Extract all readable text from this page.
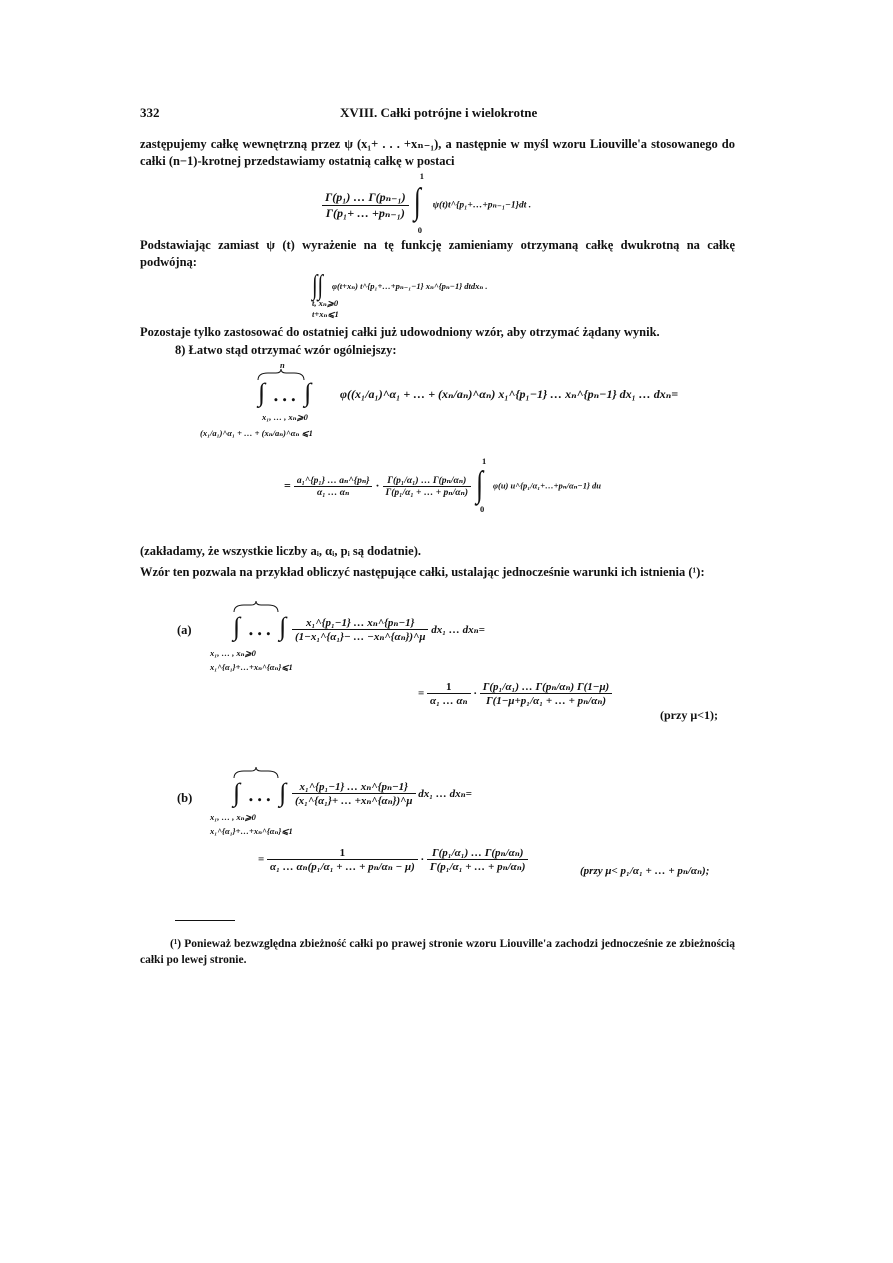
332	XVIII. Całki potrójne i wielokrotne
zastępujemy całkę wewnętrzną przez ψ (x₁+ . . . +xₙ₋₁), a następnie w myśl wzoru Liouville'a stosowanego do całki (n−1)-krotnej przedstawiamy ostatnią całkę w postaci
$\frac{\text{Γ(p₁) … Γ(pₙ₋₁)}}{\text{Γ(p₁+ … +pₙ₋₁)}}$

1
∫
0
ψ(t)t^{p₁+…+pₙ₋₁−1}dt .
Podstawiając zamiast ψ (t) wyrażenie na tę funkcję zamieniamy otrzymaną całkę dwukrotną na całkę podwójną:
∫∫ φ(t+xₙ) t^{p₁+…+pₙ₋₁−1} xₙ^{pₙ−1} dtdxₙ .
t, xₙ⩾0
t+xₙ⩽1
Pozostaje tylko zastosować do ostatniej całki już udowodniony wzór, aby otrzymać żądany wynik.
8) Łatwo stąd otrzymać wzór ogólniejszy:
n
∫ … ∫ φ((x₁/a₁)^α₁ + … + (xₙ/aₙ)^αₙ) x₁^{p₁−1} … xₙ^{pₙ−1} dx₁ … dxₙ=
x₁, … , xₙ⩾0
(x₁/a₁)^α₁ + … + (xₙ/aₙ)^αₙ ⩽1
= $\frac{\text{a₁\textasciicircum{}\{p₁\} … aₙ\textasciicircum{}\{pₙ\}}}{\text{α₁ … αₙ}} \cdot \frac{\text{Γ(p₁/α₁) … Γ(pₙ/αₙ)}}{\text{Γ(p₁/α₁ + … + pₙ/αₙ)}}$

1
∫
0
φ(u) u^{p₁/α₁+…+pₙ/αₙ−1} du
(zakładamy, że wszystkie liczby aᵢ, αᵢ, pᵢ są dodatnie).
Wzór ten pozwala na przykład obliczyć następujące całki, ustalając jednocześnie warunki ich istnienia (¹):
(a) ∫ … ∫ $\frac{\text{x₁\textasciicircum{}\{p₁−1\} … xₙ\textasciicircum{}\{pₙ−1\}}}{\text{(1−x₁\textasciicircum{}\{α₁\}− … −xₙ\textasciicircum{}\{αₙ\})\textasciicircum{}μ}} dx_1$ … dxₙ=
x₁, … , xₙ⩾0
x₁^{α₁}+…+xₙ^{αₙ}⩽1
= $\frac{1}{\text{α₁ … αₙ}} \cdot \frac{\text{Γ(p₁/α₁) … Γ(pₙ/αₙ) Γ(1−μ)}}{\text{Γ(1−μ+p₁/α₁ + … + pₙ/αₙ)}}$
(przy μ<1);
(b) ∫ … ∫ $\frac{\text{x₁\textasciicircum{}\{p₁−1\} … xₙ\textasciicircum{}\{pₙ−1\}}}{\text{(x₁\textasciicircum{}\{α₁\}+ … +xₙ\textasciicircum{}\{αₙ\})\textasciicircum{}μ}} dx_1$ … dxₙ=
x₁, … , xₙ⩾0
x₁^{α₁}+…+xₙ^{αₙ}⩽1
= $\frac{1}{\text{α₁ … αₙ(p₁/α₁ + … + pₙ/αₙ − μ)}} \cdot \frac{\text{Γ(p₁/α₁) … Γ(pₙ/αₙ)}}{\text{Γ(p₁/α₁ + … + pₙ/αₙ)}}$	(przy μ< p₁/α₁ + … + pₙ/αₙ);
(¹) Ponieważ bezwzględna zbieżność całki po prawej stronie wzoru Liouville'a zachodzi jednocześnie ze zbieżnością całki po lewej stronie.
